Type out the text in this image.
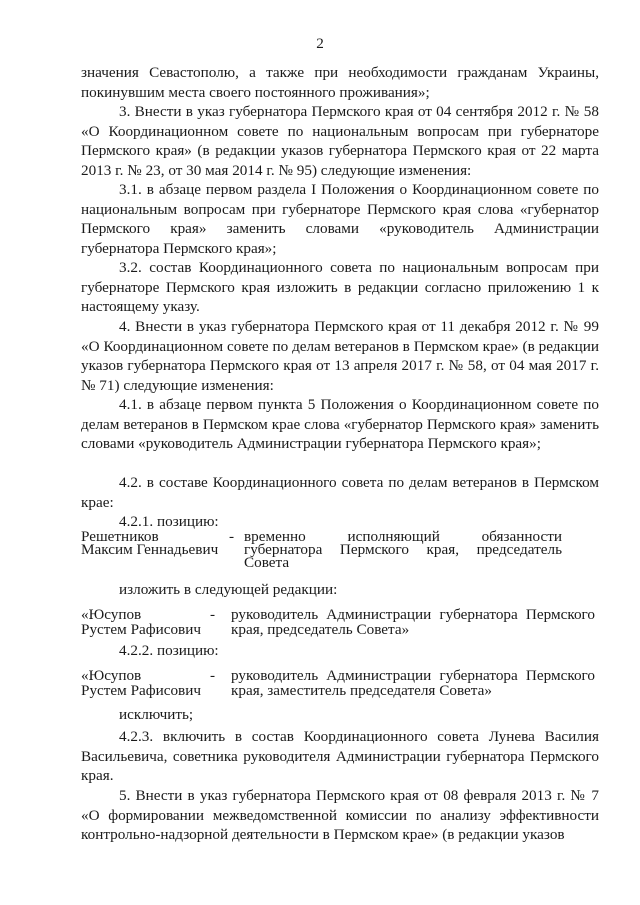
2

значения Севастополю, а также при необходимости гражданам Украины, покинувшим места своего постоянного проживания»;

3. Внести в указ губернатора Пермского края от 04 сентября 2012 г. № 58 «О Координационном совете по национальным вопросам при губернаторе Пермского края» (в редакции указов губернатора Пермского края от 22 марта 2013 г. № 23, от 30 мая 2014 г. № 95) следующие изменения:

3.1. в абзаце первом раздела I Положения о Координационном совете по национальным вопросам при губернаторе Пермского края слова «губернатор Пермского края» заменить словами «руководитель Администрации губернатора Пермского края»;

3.2. состав Координационного совета по национальным вопросам при губернаторе Пермского края изложить в редакции согласно приложению 1 к настоящему указу.

4. Внести в указ губернатора Пермского края от 11 декабря 2012 г. № 99 «О Координационном совете по делам ветеранов в Пермском крае» (в редакции указов губернатора Пермского края от 13 апреля 2017 г. № 58, от 04 мая 2017 г. № 71) следующие изменения:

4.1. в абзаце первом пункта 5 Положения о Координационном совете по делам ветеранов в Пермском крае слова «губернатор Пермского края» заменить словами «руководитель Администрации губернатора Пермского края»;

4.2. в составе Координационного совета по делам ветеранов в Пермском крае:

4.2.1. позицию:

Решетников
Максим Геннадьевич
- временно исполняющий обязанности
губернатора Пермского края, председатель
Совета

изложить в следующей редакции:

«Юсупов
Рустем Рафисович
- руководитель Администрации губернатора Пермского
края, председатель Совета»

4.2.2. позицию:

«Юсупов
Рустем Рафисович
- руководитель Администрации губернатора Пермского
края, заместитель председателя Совета»

исключить;

4.2.3. включить в состав Координационного совета Лунева Василия Васильевича, советника руководителя Администрации губернатора Пермского края.

5. Внести в указ губернатора Пермского края от 08 февраля 2013 г. № 7 «О формировании межведомственной комиссии по анализу эффективности контрольно-надзорной деятельности в Пермском крае» (в редакции указов
